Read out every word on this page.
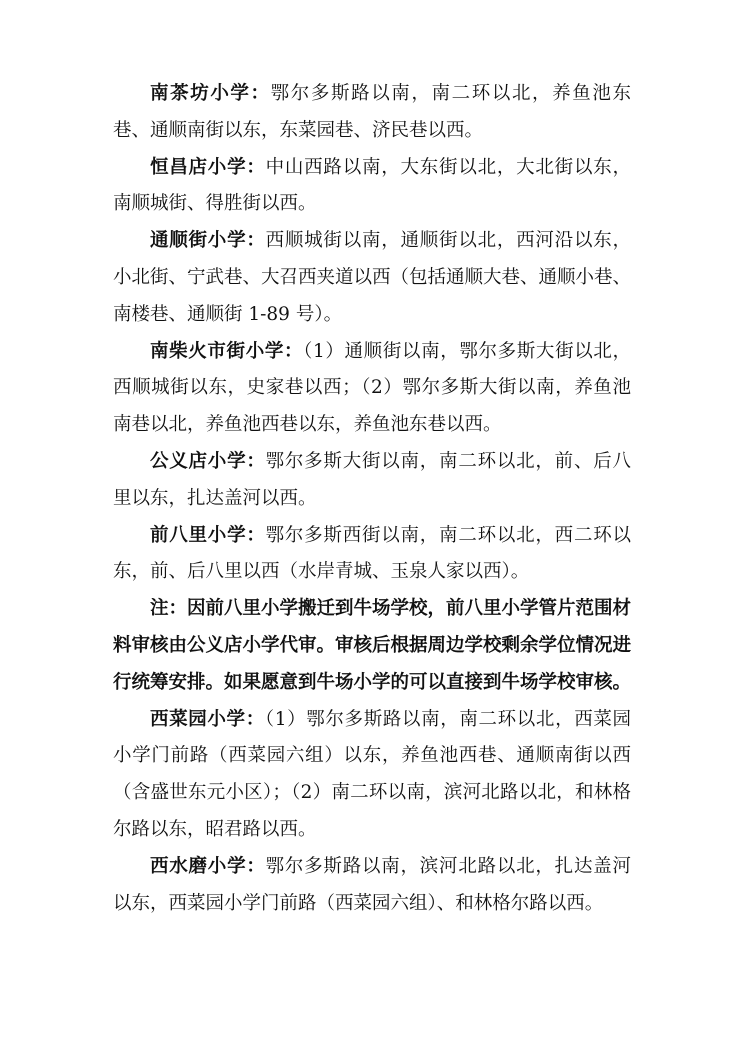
南茶坊小学：鄂尔多斯路以南，南二环以北，养鱼池东巷、通顺南街以东，东菜园巷、济民巷以西。

恒昌店小学：中山西路以南，大东街以北，大北街以东，南顺城街、得胜街以西。

通顺街小学：西顺城街以南，通顺街以北，西河沿以东，小北街、宁武巷、大召西夹道以西（包括通顺大巷、通顺小巷、南楼巷、通顺街 1-89 号）。

南柴火市街小学：（1）通顺街以南，鄂尔多斯大街以北，西顺城街以东，史家巷以西；（2）鄂尔多斯大街以南，养鱼池南巷以北，养鱼池西巷以东，养鱼池东巷以西。

公义店小学：鄂尔多斯大街以南，南二环以北，前、后八里以东，扎达盖河以西。

前八里小学：鄂尔多斯西街以南，南二环以北，西二环以东，前、后八里以西（水岸青城、玉泉人家以西）。

注：因前八里小学搬迁到牛场学校，前八里小学管片范围材料审核由公义店小学代审。审核后根据周边学校剩余学位情况进行统筹安排。如果愿意到牛场小学的可以直接到牛场学校审核。

西菜园小学：（1）鄂尔多斯路以南，南二环以北，西菜园小学门前路（西菜园六组）以东，养鱼池西巷、通顺南街以西（含盛世东元小区）；（2）南二环以南，滨河北路以北，和林格尔路以东，昭君路以西。

西水磨小学：鄂尔多斯路以南，滨河北路以北，扎达盖河以东，西菜园小学门前路（西菜园六组）、和林格尔路以西。
